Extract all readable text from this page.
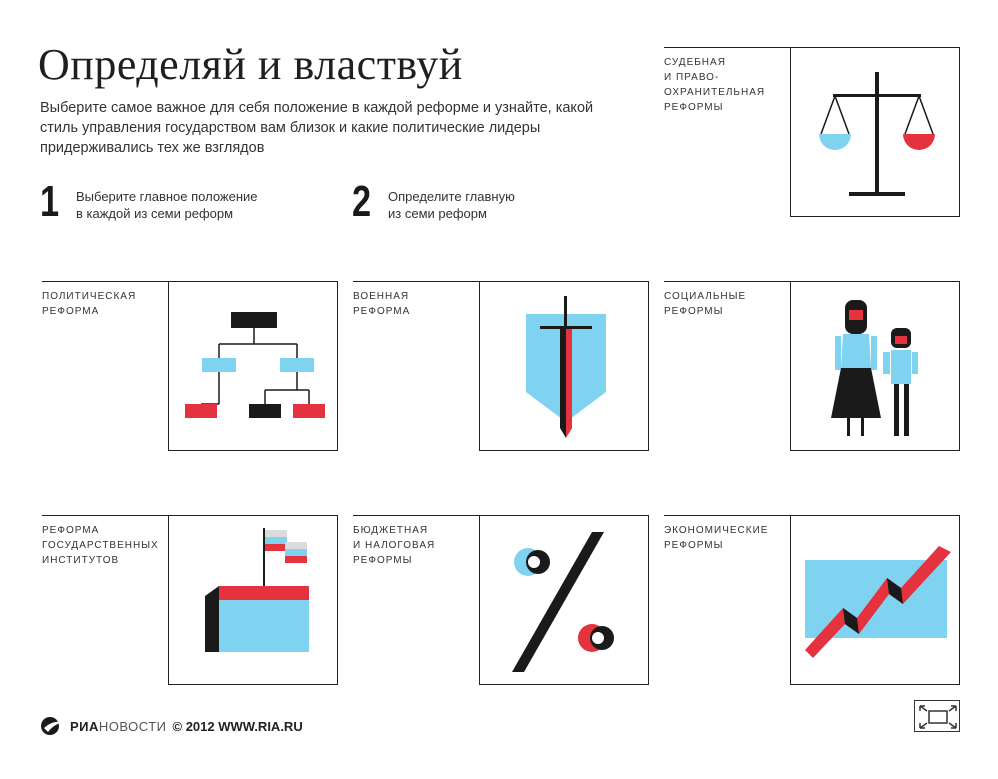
Определяй и властвуй
Выберите самое важное для себя положение в каждой реформе и узнайте, какой стиль управления государством вам близок и какие политические лидеры придерживались тех же взглядов
1	Выберите главное положение
в каждой из семи реформ	2	Определите главную
из семи реформ
СУДЕБНАЯ
И ПРАВО-
ОХРАНИТЕЛЬНАЯ
РЕФОРМЫ
ПОЛИТИЧЕСКАЯ
РЕФОРМА
ВОЕННАЯ
РЕФОРМА
СОЦИАЛЬНЫЕ
РЕФОРМЫ
РЕФОРМА
ГОСУДАРСТВЕННЫХ
ИНСТИТУТОВ
БЮДЖЕТНАЯ
И НАЛОГОВАЯ
РЕФОРМЫ
ЭКОНОМИЧЕСКИЕ
РЕФОРМЫ
РИА НОВОСТИ © 2012 WWW.RIA.RU
